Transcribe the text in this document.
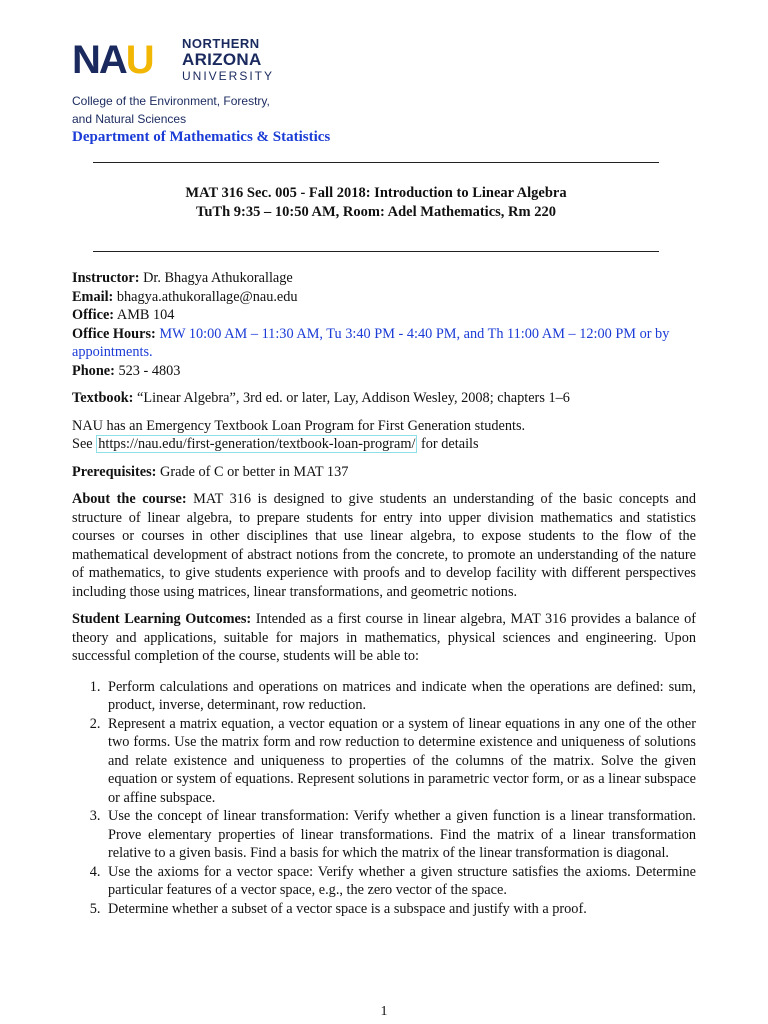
NAU NORTHERN
ARIZONA
UNIVERSITY
College of the Environment, Forestry,
and Natural Sciences
Department of Mathematics & Statistics
MAT 316 Sec. 005 - Fall 2018: Introduction to Linear Algebra
TuTh 9:35 – 10:50 AM, Room: Adel Mathematics, Rm 220

Instructor: Dr. Bhagya Athukorallage

Email: bhagya.athukorallage@nau.edu

Office: AMB 104

Office Hours: MW 10:00 AM – 11:30 AM, Tu 3:40 PM - 4:40 PM, and Th 11:00 AM – 12:00 PM or by appointments.

Phone: 523 - 4803

Textbook: “Linear Algebra”, 3rd ed. or later, Lay, Addison Wesley, 2008; chapters 1–6

NAU has an Emergency Textbook Loan Program for First Generation students.

See https://nau.edu/first-generation/textbook-loan-program/ for details

Prerequisites: Grade of C or better in MAT 137

About the course: MAT 316 is designed to give students an understanding of the basic concepts and structure of linear algebra, to prepare students for entry into upper division mathematics and statistics courses or courses in other disciplines that use linear algebra, to expose students to the flow of the mathematical development of abstract notions from the concrete, to promote an understanding of the nature of mathematics, to give students experience with proofs and to develop facility with different perspectives including those using matrices, linear transformations, and geometric notions.

Student Learning Outcomes: Intended as a first course in linear algebra, MAT 316 provides a balance of theory and applications, suitable for majors in mathematics, physical sciences and engineering. Upon successful completion of the course, students will be able to:

1. Perform calculations and operations on matrices and indicate when the operations are defined: sum, product, inverse, determinant, row reduction.
2. Represent a matrix equation, a vector equation or a system of linear equations in any one of the other two forms. Use the matrix form and row reduction to determine existence and uniqueness of solutions and relate existence and uniqueness to properties of the columns of the matrix. Solve the given equation or system of equations. Represent solutions in parametric vector form, or as a linear subspace or affine subspace.
3. Use the concept of linear transformation: Verify whether a given function is a linear transformation. Prove elementary properties of linear transformations. Find the matrix of a linear transformation relative to a given basis. Find a basis for which the matrix of the linear transformation is diagonal.
4. Use the axioms for a vector space: Verify whether a given structure satisfies the axioms. Determine particular features of a vector space, e.g., the zero vector of the space.
5. Determine whether a subset of a vector space is a subspace and justify with a proof.
1
